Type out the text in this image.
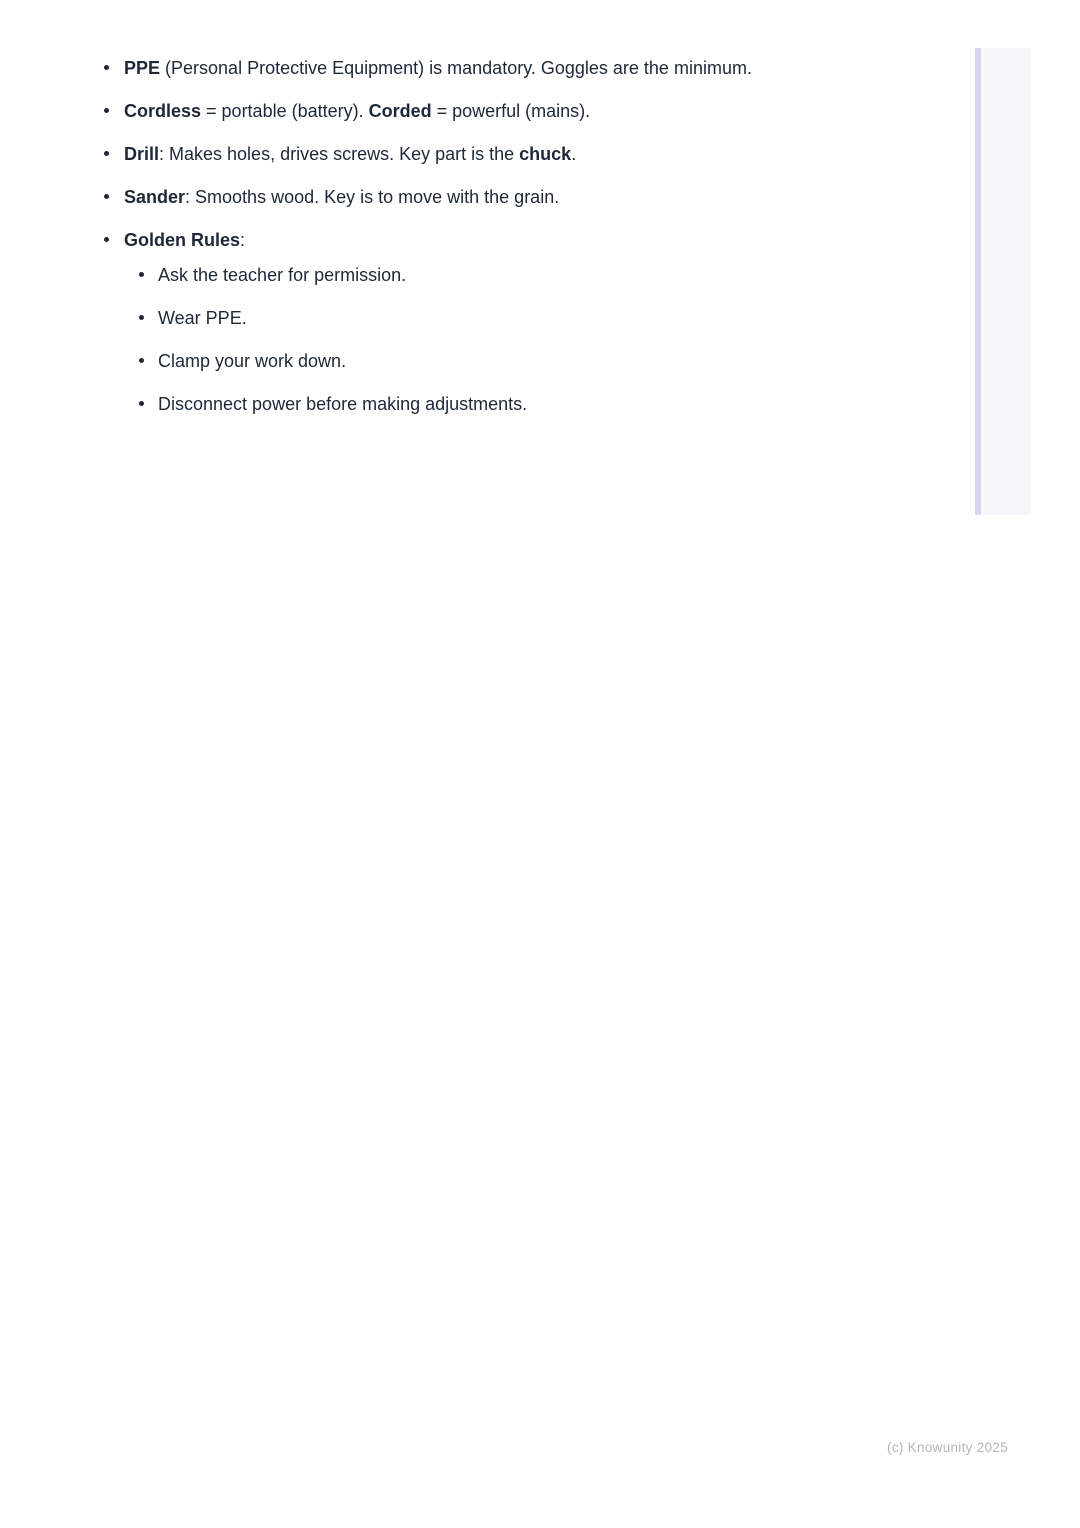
PPE (Personal Protective Equipment) is mandatory. Goggles are the minimum.
Cordless = portable (battery). Corded = powerful (mains).
Drill: Makes holes, drives screws. Key part is the chuck.
Sander: Smooths wood. Key is to move with the grain.
Golden Rules:
Ask the teacher for permission.
Wear PPE.
Clamp your work down.
Disconnect power before making adjustments.
(c) Knowunity 2025
